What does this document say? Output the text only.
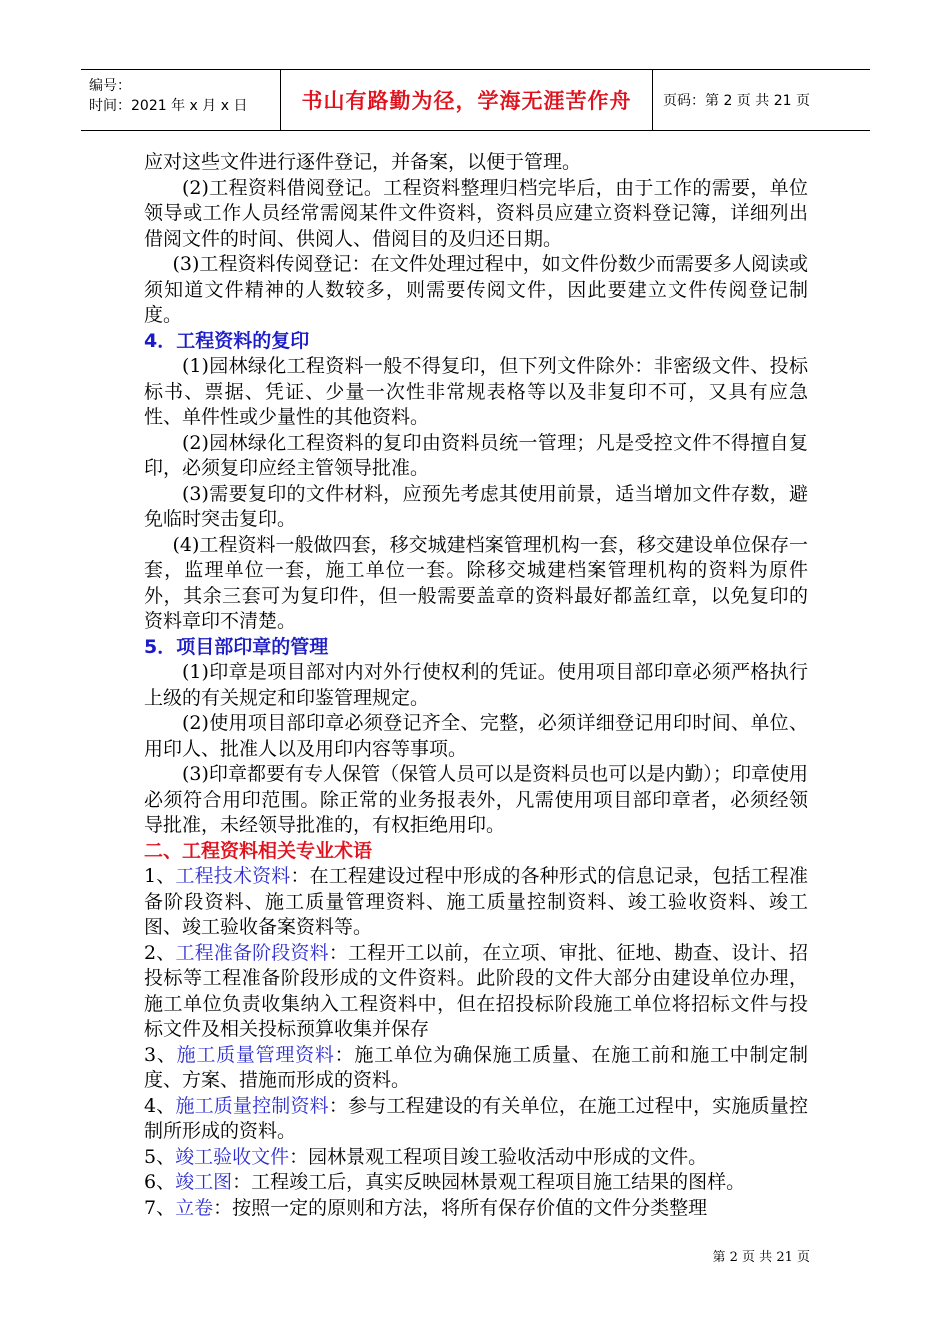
编号：
时间：2021 年 x 月 x 日	书山有路勤为径，学海无涯苦作舟	页码：第 2 页 共 21 页

应对这些文件进行逐件登记，并备案，以便于管理。

(2)工程资料借阅登记。工程资料整理归档完毕后，由于工作的需要，单位领导或工作人员经常需阅某件文件资料，资料员应建立资料登记簿，详细列出借阅文件的时间、供阅人、借阅目的及归还日期。

(3)工程资料传阅登记：在文件处理过程中，如文件份数少而需要多人阅读或须知道文件精神的人数较多，则需要传阅文件，因此要建立文件传阅登记制度。

4．工程资料的复印

(1)园林绿化工程资料一般不得复印，但下列文件除外：非密级文件、投标标书、票据、凭证、少量一次性非常规表格等以及非复印不可，又具有应急性、单件性或少量性的其他资料。

(2)园林绿化工程资料的复印由资料员统一管理；凡是受控文件不得擅自复印，必须复印应经主管领导批准。

(3)需要复印的文件材料，应预先考虑其使用前景，适当增加文件存数，避免临时突击复印。

(4)工程资料一般做四套，移交城建档案管理机构一套，移交建设单位保存一套，监理单位一套，施工单位一套。除移交城建档案管理机构的资料为原件外，其余三套可为复印件，但一般需要盖章的资料最好都盖红章，以免复印的资料章印不清楚。

5．项目部印章的管理

(1)印章是项目部对内对外行使权利的凭证。使用项目部印章必须严格执行上级的有关规定和印鉴管理规定。

(2)使用项目部印章必须登记齐全、完整，必须详细登记用印时间、单位、用印人、批准人以及用印内容等事项。

(3)印章都要有专人保管（保管人员可以是资料员也可以是内勤）；印章使用必须符合用印范围。除正常的业务报表外，凡需使用项目部印章者，必须经领导批准，未经领导批准的，有权拒绝用印。

二、工程资料相关专业术语

1、工程技术资料：在工程建设过程中形成的各种形式的信息记录，包括工程准备阶段资料、施工质量管理资料、施工质量控制资料、竣工验收资料、竣工图、竣工验收备案资料等。

2、工程准备阶段资料：工程开工以前，在立项、审批、征地、勘查、设计、招投标等工程准备阶段形成的文件资料。此阶段的文件大部分由建设单位办理，施工单位负责收集纳入工程资料中，但在招投标阶段施工单位将招标文件与投标文件及相关投标预算收集并保存

3、施工质量管理资料：施工单位为确保施工质量、在施工前和施工中制定制度、方案、措施而形成的资料。

4、施工质量控制资料：参与工程建设的有关单位，在施工过程中，实施质量控制所形成的资料。

5、竣工验收文件：园林景观工程项目竣工验收活动中形成的文件。

6、竣工图：工程竣工后，真实反映园林景观工程项目施工结果的图样。

7、立卷：按照一定的原则和方法，将所有保存价值的文件分类整理

第 2 页 共 21 页
